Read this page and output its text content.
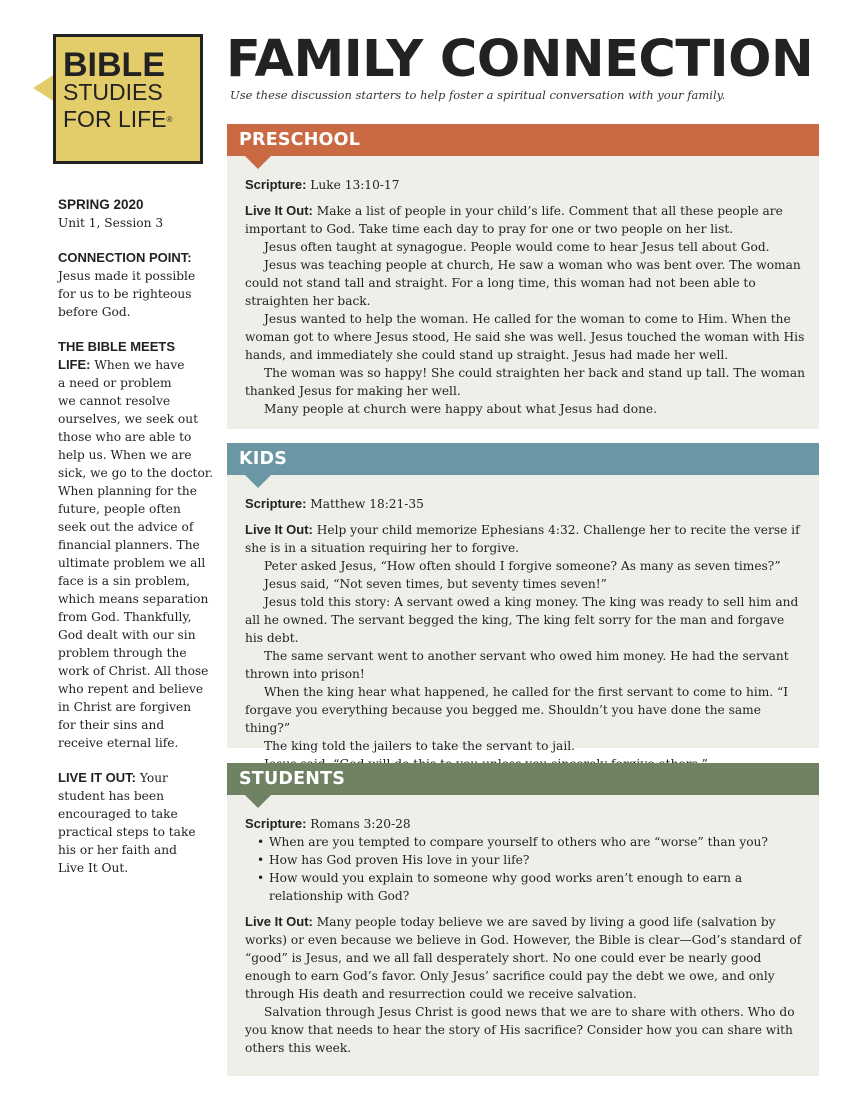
BIBLE
STUDIES
FOR LIFE®
FAMILY CONNECTION

Use these discussion starters to help foster a spiritual conversation with your family.

SPRING 2020
Unit 1, Session 3
CONNECTION POINT:
Jesus made it possible
for us to be righteous
before God.
THE BIBLE MEETS
LIFE: When we have
a need or problem
we cannot resolve
ourselves, we seek out
those who are able to
help us. When we are
sick, we go to the doctor.
When planning for the
future, people often
seek out the advice of
financial planners. The
ultimate problem we all
face is a sin problem,
which means separation
from God. Thankfully,
God dealt with our sin
problem through the
work of Christ. All those
who repent and believe
in Christ are forgiven
for their sins and
receive eternal life.
LIVE IT OUT: Your
student has been
encouraged to take
practical steps to take
his or her faith and
Live It Out.
PRESCHOOL

Scripture: Luke 13:10-17

Live It Out: Make a list of people in your child’s life. Comment that all these people are important to God. Take time each day to pray for one or two people on her list.

Jesus often taught at synagogue. People would come to hear Jesus tell about God.

Jesus was teaching people at church, He saw a woman who was bent over. The woman could not stand tall and straight. For a long time, this woman had not been able to straighten her back.

Jesus wanted to help the woman. He called for the woman to come to Him. When the woman got to where Jesus stood, He said she was well. Jesus touched the woman with His hands, and immediately she could stand up straight. Jesus had made her well.

The woman was so happy! She could straighten her back and stand up tall. The woman thanked Jesus for making her well.

Many people at church were happy about what Jesus had done.

KIDS

Scripture: Matthew 18:21-35

Live It Out: Help your child memorize Ephesians 4:32. Challenge her to recite the verse if she is in a situation requiring her to forgive.

Peter asked Jesus, “How often should I forgive someone? As many as seven times?”

Jesus said, “Not seven times, but seventy times seven!”

Jesus told this story: A servant owed a king money. The king was ready to sell him and all he owned. The servant begged the king, The king felt sorry for the man and forgave his debt.

The same servant went to another servant who owed him money. He had the servant thrown into prison!

When the king hear what happened, he called for the first servant to come to him. “I forgave you everything because you begged me. Shouldn’t you have done the same thing?”

The king told the jailers to take the servant to jail.

STUDENTS

Scripture: Romans 3:20-28

• When are you tempted to compare yourself to others who are “worse” than you?
• How has God proven His love in your life?
• How would you explain to someone why good works aren’t enough to earn a relationship with God?

Live It Out: Many people today believe we are saved by living a good life (salvation by works) or even because we believe in God. However, the Bible is clear—God’s standard of “good” is Jesus, and we all fall desperately short. No one could ever be nearly good enough to earn God’s favor. Only Jesus’ sacrifice could pay the debt we owe, and only through His death and resurrection could we receive salvation.

Salvation through Jesus Christ is good news that we are to share with others. Who do you know that needs to hear the story of His sacrifice? Consider how you can share with others this week.
